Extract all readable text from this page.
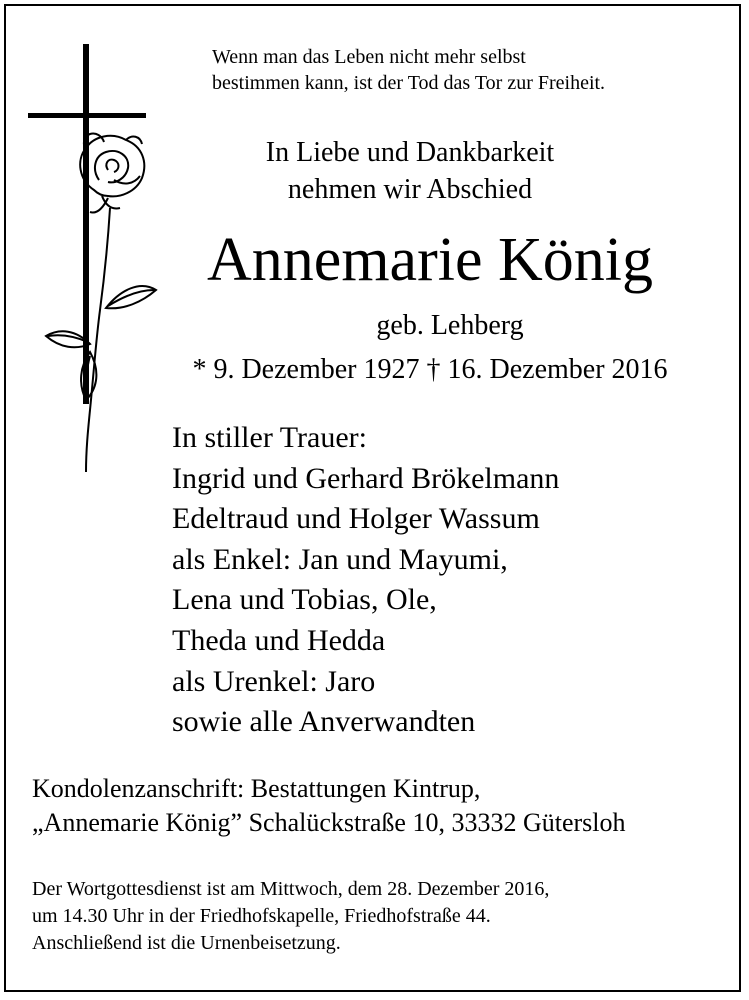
Wenn man das Leben nicht mehr selbst
bestimmen kann, ist der Tod das Tor zur Freiheit.
In Liebe und Dankbarkeit
nehmen wir Abschied
Annemarie König
geb. Lehberg
* 9. Dezember 1927 † 16. Dezember 2016
In stiller Trauer:
Ingrid und Gerhard Brökelmann
Edeltraud und Holger Wassum
als Enkel: Jan und Mayumi,
Lena und Tobias, Ole,
Theda und Hedda
als Urenkel: Jaro
sowie alle Anverwandten
Kondolenzanschrift: Bestattungen Kintrup,
„Annemarie König” Schalückstraße 10, 33332 Gütersloh
Der Wortgottesdienst ist am Mittwoch, dem 28. Dezember 2016,
um 14.30 Uhr in der Friedhofskapelle, Friedhofstraße 44.
Anschließend ist die Urnenbeisetzung.
